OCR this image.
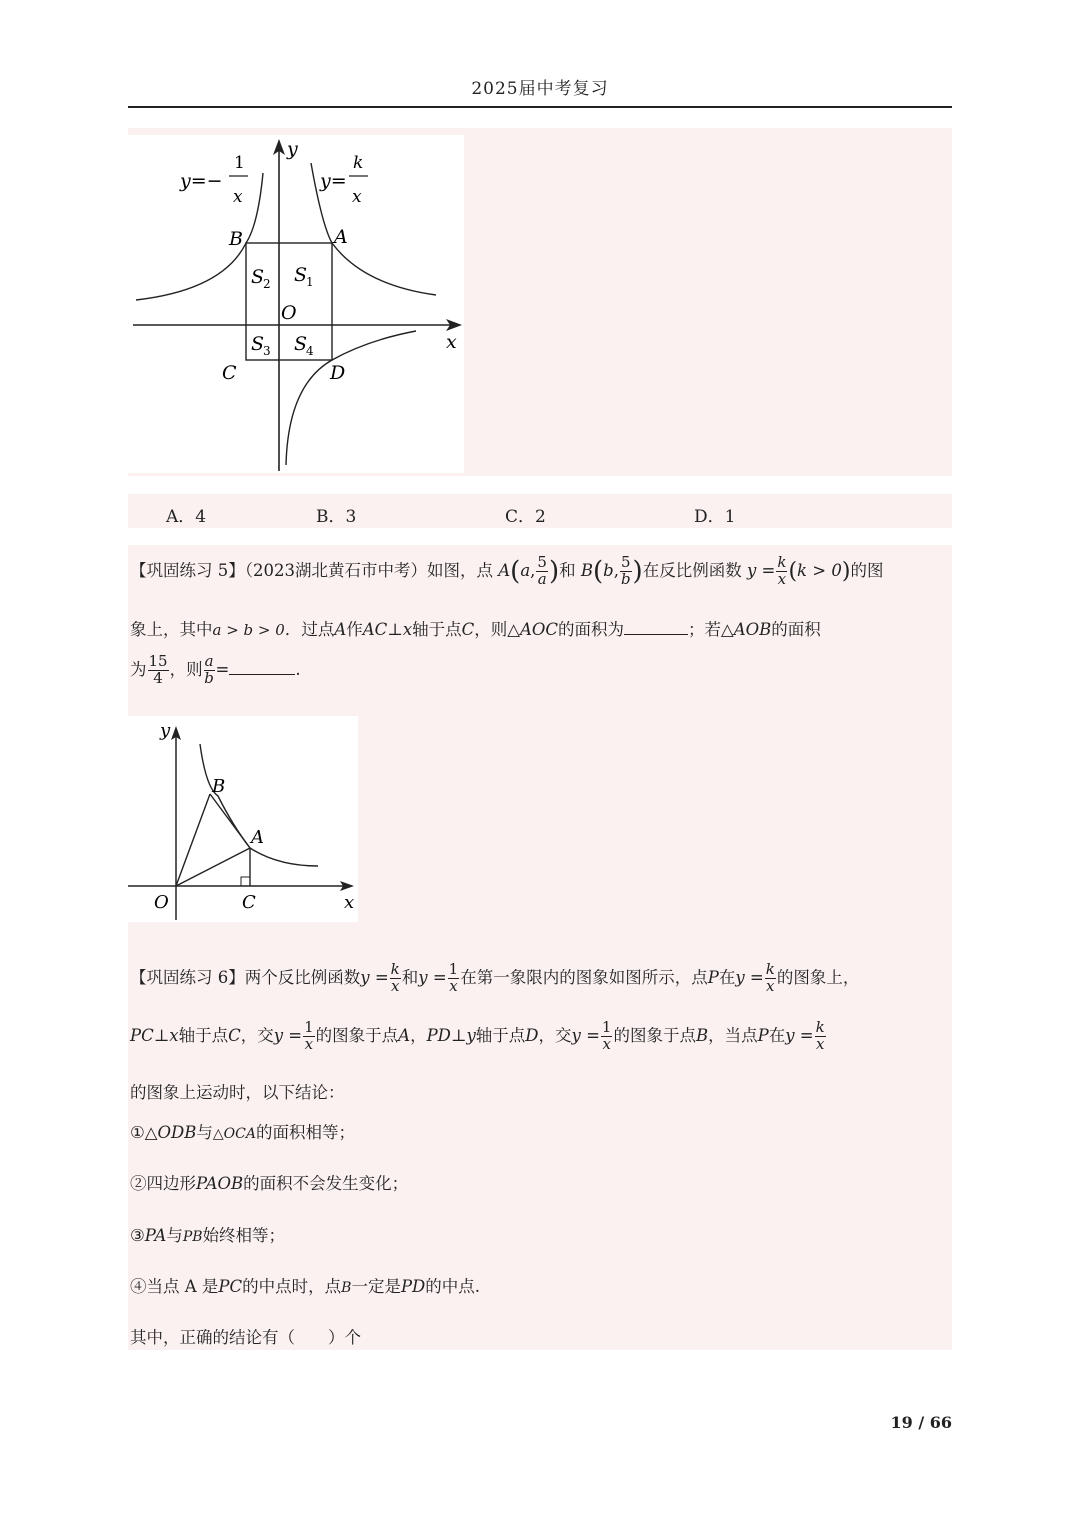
2025届中考复习
y=−
1
x
y=
k
x
y
x
O
A
B
C	D
S
2 S
1
S
3 S
4
A．4	B．3	C．2	D．1
【巩固练习 5】（2023湖北黄石市中考）如图，点 A(a, $\frac{5}{a}$ )和 B(b, $\frac{5}{b}$ )在反比例函数 $y = \frac{k}{x} (k > 0)$的图
象上，其中a > b > 0．过点A作AC⊥x轴于点C，则△AOC的面积为	；若△AOB的面积
为 $\frac{15}{4}$ ，则 $\frac{a}{b}$ =	.
y
x
O
B
A
C
【巩固练习 6】两个反比例函数$y = \frac{k}{x}$ 和$y = \frac{1}{x}$ 在第一象限内的图象如图所示，点P在$y = \frac{k}{x}$ 的图象上，
PC⊥x轴于点C，交$y = \frac{1}{x}$ 的图象于点A，PD⊥y轴于点D，交$y = \frac{1}{x}$ 的图象于点B，当点P在$y = \frac{k}{x}$
的图象上运动时，以下结论：
①△ODB与△OCA的面积相等；
②四边形PAOB的面积不会发生变化；
③PA与PB始终相等；
④当点 A 是PC的中点时，点B一定是PD的中点.
其中，正确的结论有（　　）个
19 / 66
